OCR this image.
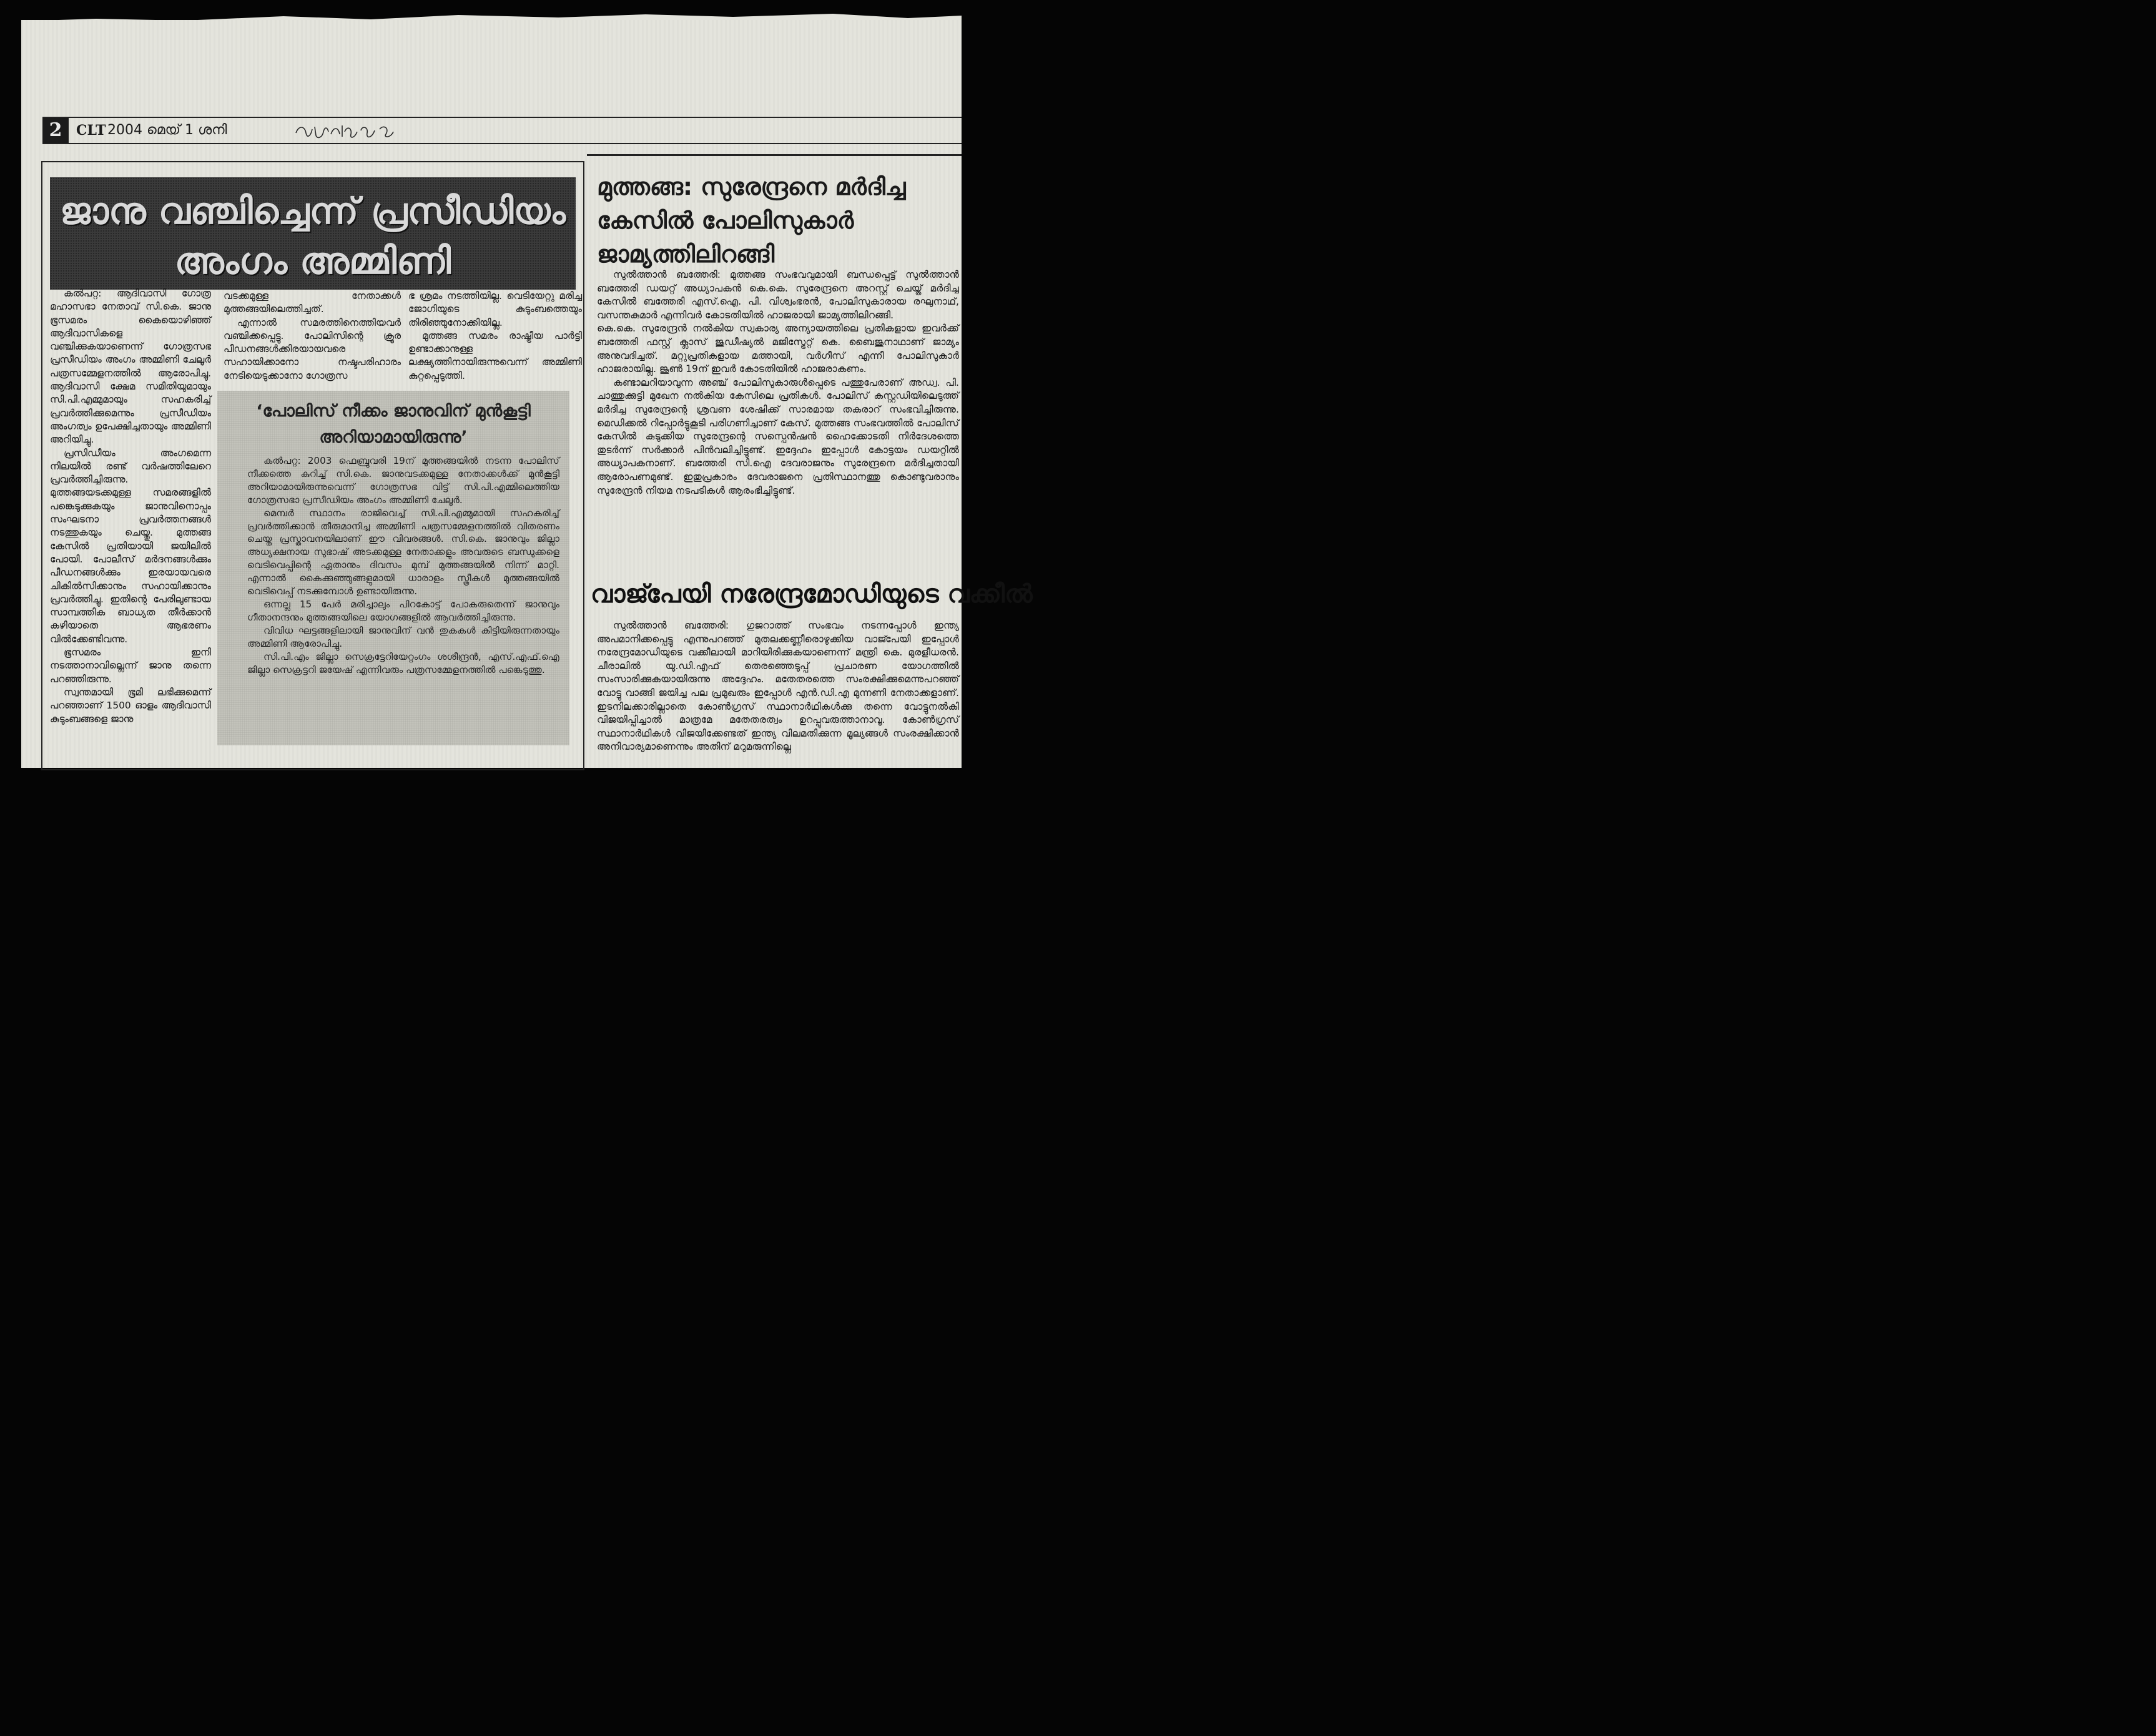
2	CLT 2004 മെയ് 1 ശനി
ജാനു വഞ്ചിച്ചെന്ന് പ്രസീഡിയം അംഗം അമ്മിണി

കൽപറ്റ: ആദിവാസി ഗോത്ര മഹാസഭാ നേതാവ് സി.കെ. ജാനു ഭൂസമരം കൈയൊഴിഞ്ഞ് ആദിവാസികളെ വഞ്ചിക്കുകയാണെന്ന് ഗോത്രസഭ പ്രസീഡിയം അംഗം അമ്മിണി ചേലൂർ പത്രസമ്മേളനത്തിൽ ആരോപിച്ചു. ആദിവാസി ക്ഷേമ സമിതിയുമായും സി.പി.എമ്മുമായും സഹകരിച്ച് പ്രവർത്തിക്കുമെന്നും പ്രസീഡിയം അംഗത്വം ഉപേക്ഷിച്ചതായും അമ്മിണി അറിയിച്ചു.

പ്രസിഡീയം അംഗമെന്ന നിലയിൽ രണ്ട് വർഷത്തിലേറെ പ്രവർത്തിച്ചിരുന്നു. മുത്തങ്ങയടക്കമുള്ള സമരങ്ങളിൽ പങ്കെടുക്കുകയും ജാനുവിനൊപ്പം സംഘടനാ പ്രവർത്തനങ്ങൾ നടത്തുകയും ചെയ്തു. മുത്തങ്ങ കേസിൽ പ്രതിയായി ജയിലിൽ പോയി. പോലീസ് മർദനങ്ങൾക്കും പീഡനങ്ങൾക്കും ഇരയായവരെ ചികിൽസിക്കാനും സഹായിക്കാനും പ്രവർത്തിച്ചു. ഇതിന്റെ പേരിലുണ്ടായ സാമ്പത്തിക ബാധ്യത തീർക്കാൻ കഴിയാതെ ആഭരണം വിൽക്കേണ്ടിവന്നു.

ഭൂസമരം ഇനി നടത്താനാവില്ലെന്ന് ജാനു തന്നെ പറഞ്ഞിരുന്നു.

സ്വന്തമായി ഭൂമി ലഭിക്കുമെന്ന് പറഞ്ഞാണ് 1500 ഓളം ആദിവാസി കുടുംബങ്ങളെ ജാനു

വടക്കമുള്ള നേതാക്കൾ മുത്തങ്ങയിലെത്തിച്ചത്.

എന്നാൽ സമരത്തിനെത്തിയവർ വഞ്ചിക്കപ്പെട്ടു. പോലിസിന്റെ ക്രൂര പീഡനങ്ങൾക്കിരയായവരെ സഹായിക്കാനോ നഷ്ടപരിഹാരം നേടിയെടുക്കാനോ ഗോത്രസ

ഭ ശ്രമം നടത്തിയില്ല. വെടിയേറ്റു മരിച്ച ജോഗിയുടെ കുടുംബത്തെയും തിരിഞ്ഞുനോക്കിയില്ല.

മുത്തങ്ങ സമരം രാഷ്ട്രീയ പാർട്ടി ഉണ്ടാക്കാനുള്ള ലക്ഷ്യത്തിനായിരുന്നുവെന്ന് അമ്മിണി കുറ്റപ്പെടുത്തി.

‘പോലിസ് നീക്കം ജാനുവിന് മുൻകൂട്ടി അറിയാമായിരുന്നു’

കൽപറ്റ: 2003 ഫെബ്രുവരി 19ന് മുത്തങ്ങയിൽ നടന്ന പോലിസ് നീക്കത്തെ കുറിച്ച് സി.കെ. ജാനുവടക്കമുള്ള നേതാക്കൾക്ക് മുൻകൂട്ടി അറിയാമായിരുന്നുവെന്ന് ഗോത്രസഭ വിട്ട് സി.പി.എമ്മിലെത്തിയ ഗോത്രസഭാ പ്രസീഡിയം അംഗം അമ്മിണി ചേലൂർ.

മെമ്പർ സ്ഥാനം രാജിവെച്ച് സി.പി.എമ്മുമായി സഹകരിച്ച് പ്രവർത്തിക്കാൻ തീരുമാനിച്ച അമ്മിണി പത്രസമ്മേളനത്തിൽ വിതരണം ചെയ്ത പ്രസ്താവനയിലാണ് ഈ വിവരങ്ങൾ. സി.കെ. ജാനുവും ജില്ലാ അധ്യക്ഷനായ സുഭാഷ് അടക്കമുള്ള നേതാക്കളും അവരുടെ ബന്ധുക്കളെ വെടിവെപ്പിന്റെ ഏതാനും ദിവസം മുമ്പ് മുത്തങ്ങയിൽ നിന്ന് മാറ്റി. എന്നാൽ കൈക്കുഞ്ഞുങ്ങളുമായി ധാരാളം സ്ത്രീകൾ മുത്തങ്ങയിൽ വെടിവെപ്പ് നടക്കുമ്പോൾ ഉണ്ടായിരുന്നു.

ഒന്നല്ല 15 പേർ മരിച്ചാലും പിറകോട്ട് പോകരുതെന്ന് ജാനുവും ഗീതാനന്ദനും മുത്തങ്ങയിലെ യോഗങ്ങളിൽ ആവർത്തിച്ചിരുന്നു.

വിവിധ ഘട്ടങ്ങളിലായി ജാനുവിന് വൻ തുകകൾ കിട്ടിയിരുന്നതായും അമ്മിണി ആരോപിച്ചു.

സി.പി.എം ജില്ലാ സെക്രട്ടേറിയേറ്റംഗം ശശീന്ദ്രൻ, എസ്.എഫ്.ഐ ജില്ലാ സെക്രട്ടറി ജയേഷ് എന്നിവരും പത്രസമ്മേളനത്തിൽ പങ്കെടുത്തു.

മുത്തങ്ങ: സുരേന്ദ്രനെ മർദിച്ച കേസിൽ പോലിസുകാർ ജാമ്യത്തിലിറങ്ങി

സുൽത്താൻ ബത്തേരി: മുത്തങ്ങ സംഭവവുമായി ബന്ധപ്പെട്ട് സുൽത്താൻ ബത്തേരി ഡയറ്റ് അധ്യാപകൻ കെ.കെ. സുരേന്ദ്രനെ അറസ്റ്റ് ചെയ്ത് മർദിച്ച കേസിൽ ബത്തേരി എസ്.ഐ. പി. വിശ്വംഭരൻ, പോലിസുകാരായ രഘുനാഥ്, വസന്തകുമാർ എന്നിവർ കോടതിയിൽ ഹാജരായി ജാമ്യത്തിലിറങ്ങി.

കെ.കെ. സുരേന്ദ്രൻ നൽകിയ സ്വകാര്യ അന്യായത്തിലെ പ്രതികളായ ഇവർക്ക് ബത്തേരി ഫസ്റ്റ് ക്ലാസ് ജുഡീഷ്യൽ മജിസ്ട്രേറ്റ് കെ. ബൈജുനാഥാണ് ജാമ്യം അനുവദിച്ചത്. മറ്റുപ്രതികളായ മത്തായി, വർഗീസ് എന്നീ പോലിസുകാർ ഹാജരായില്ല. ജൂൺ 19ന് ഇവർ കോടതിയിൽ ഹാജരാകണം.

കണ്ടാലറിയാവുന്ന അഞ്ച് പോലിസുകാരുൾപ്പെടെ പത്തുപേരാണ് അഡ്വ. പി. ചാത്തുക്കുട്ടി മുഖേന നൽകിയ കേസിലെ പ്രതികൾ. പോലിസ് കസ്റ്റഡിയിലെടുത്ത് മർദിച്ച സുരേന്ദ്രന്റെ ശ്രവണ ശേഷിക്ക് സാരമായ തകരാറ് സംഭവിച്ചിരുന്നു. മെഡിക്കൽ റിപ്പോർട്ടുകൂടി പരിഗണിച്ചാണ് കേസ്. മുത്തങ്ങ സംഭവത്തിൽ പോലിസ് കേസിൽ കുടുക്കിയ സുരേന്ദ്രന്റെ സസ്പെൻഷൻ ഹൈക്കോടതി നിർദേശത്തെ തുടർന്ന് സർക്കാർ പിൻവലിച്ചിട്ടുണ്ട്. ഇദ്ദേഹം ഇപ്പോൾ കോട്ടയം ഡയറ്റിൽ അധ്യാപകനാണ്. ബത്തേരി സി.ഐ ദേവരാജനും സുരേന്ദ്രനെ മർദിച്ചതായി ആരോപണമുണ്ട്. ഇതുപ്രകാരം ദേവരാജനെ പ്രതിസ്ഥാനത്തു കൊണ്ടുവരാനും സുരേന്ദ്രൻ നിയമ നടപടികൾ ആരംഭിച്ചിട്ടുണ്ട്.

വാജ്പേയി നരേന്ദ്രമോഡിയുടെ വക്കീൽ

സുൽത്താൻ ബത്തേരി: ഗുജറാത്ത് സംഭവം നടന്നപ്പോൾ ഇന്ത്യ അപമാനിക്കപ്പെട്ടു എന്നുപറഞ്ഞ് മുതലക്കണ്ണീരൊഴുക്കിയ വാജ്പേയി ഇപ്പോൾ നരേന്ദ്രമോഡിയുടെ വക്കീലായി മാറിയിരിക്കുകയാണെന്ന് മന്ത്രി കെ. മുരളീധരൻ. ചീരാലിൽ യു.ഡി.എഫ് തെരഞ്ഞെടുപ്പ് പ്രചാരണ യോഗത്തിൽ സംസാരിക്കുകയായിരുന്നു അദ്ദേഹം. മതേതരത്തെ സംരക്ഷിക്കുമെന്നുപറഞ്ഞ് വോട്ടു വാങ്ങി ജയിച്ച പല പ്രമുഖരും ഇപ്പോൾ എൻ.ഡി.എ മുന്നണി നേതാക്കളാണ്. ഇടനിലക്കാരില്ലാതെ കോൺഗ്രസ് സ്ഥാനാർഥികൾക്കു തന്നെ വോട്ടുനൽകി വിജയിപ്പിച്ചാൽ മാത്രമേ മതേതരത്വം ഉറപ്പുവരുത്താനാവൂ. കോൺഗ്രസ് സ്ഥാനാർഥികൾ വിജയിക്കേണ്ടത് ഇന്ത്യ വിലമതിക്കുന്ന മൂല്യങ്ങൾ സംരക്ഷിക്കാൻ അനിവാര്യമാണെന്നും അതിന് മറുമരുന്നില്ലെ
